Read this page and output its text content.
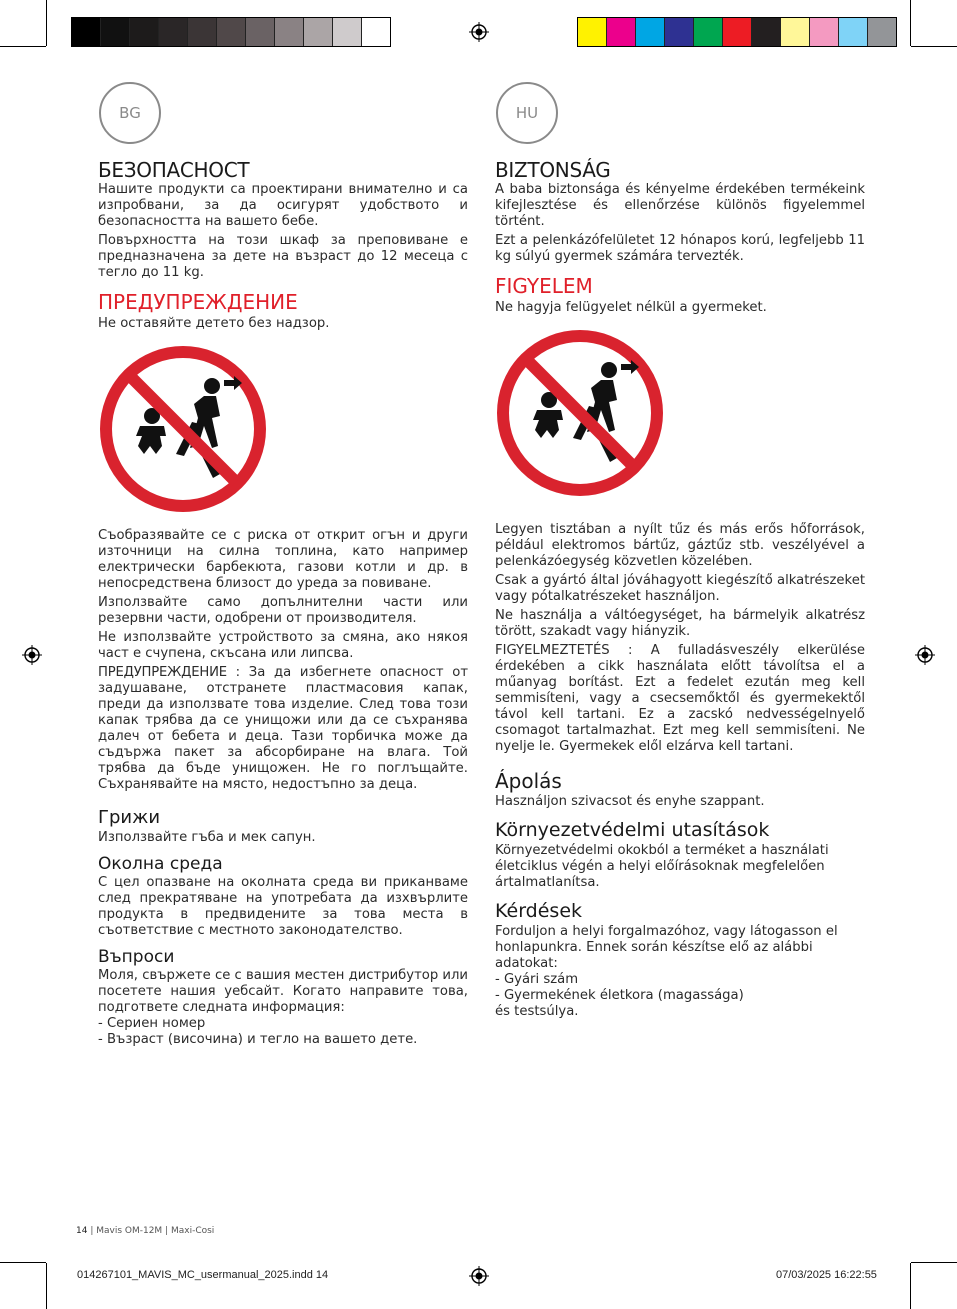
BG	HU
БЕЗОПАСНОСТ

Нашите продукти са проектирани внимателно и са изпробвани, за да осигурят удобството и безопасността на вашето бебе.

Повърхността на този шкаф за преповиване е предназначена за дете на възраст до 12 месеца с тегло до 11 kg.

ПРЕДУПРЕЖДЕНИЕ

Не оставяйте детето без надзор.

Съобразявайте се с риска от открит огън и други източници на силна топлина, като например електрически барбекюта, газови котли и др. в непосредствена близост до уреда за повиване.

Използвайте само допълнителни части или резервни части, одобрени от производителя.

Не използвайте устройството за смяна, ако някоя част е счупена, скъсана или липсва.

ПРЕДУПРЕЖДЕНИЕ : За да избегнете опасност от задушаване, отстранете пластмасовия капак, преди да използвате това изделие. След това този капак трябва да се унищожи или да се съхранява далеч от бебета и деца. Тази торбичка може да съдържа пакет за абсорбиране на влага. Той трябва да бъде унищожен. Не го поглъщайте. Съхранявайте на място, недостъпно за деца.

Грижи

Използвайте гъба и мек сапун.

Околна среда

С цел опазване на околната среда ви приканваме след прекратяване на употребата да изхвърлите продукта в предвидените за това места в съответствие с местното законодателство.

Въпроси

Моля, свържете се с вашия местен дистрибутор или посетете нашия уебсайт. Когато направите това, подгответе следната информация:

- Сериен номер

- Възраст (височина) и тегло на вашето дете.

BIZTONSÁG

A baba biztonsága és kényelme érdekében termékeink kifejlesztése és ellenőrzése különös figyelemmel történt.

Ezt a pelenkázófelületet 12 hónapos korú, legfeljebb 11 kg súlyú gyermek számára tervezték.

FIGYELEM

Ne hagyja felügyelet nélkül a gyermeket.

Legyen tisztában a nyílt tűz és más erős hőforrások, például elektromos bártűz, gáztűz stb. veszélyével a pelenkázóegység közvetlen közelében.

Csak a gyártó által jóváhagyott kiegészítő alkatrészeket vagy pótalkatrészeket használjon.

Ne használja a váltóegységet, ha bármelyik alkatrész törött, szakadt vagy hiányzik.

FIGYELMEZTETÉS : A fulladásveszély elkerülése érdekében a cikk használata előtt távolítsa el a műanyag borítást. Ezt a fedelet ezután meg kell semmisíteni, vagy a csecsemőktől és gyermekektől távol kell tartani. Ez a zacskó nedvességelnyelő csomagot tartalmazhat. Ezt meg kell semmisíteni. Ne nyelje le. Gyermekek elől elzárva kell tartani.

Ápolás

Használjon szivacsot és enyhe szappant.

Környezetvédelmi utasítások

Környezetvédelmi okokból a terméket a használati életciklus végén a helyi előírásoknak megfelelően ártalmatlanítsa.

Kérdések

Forduljon a helyi forgalmazóhoz, vagy látogasson el honlapunkra. Ennek során készítse elő az alábbi adatokat:

- Gyári szám

- Gyermekének életkora (magassága)

és testsúlya.

14 | Mavis OM-12M | Maxi-Cosi
014267101_MAVIS_MC_usermanual_2025.indd 14	07/03/2025 16:22:55
